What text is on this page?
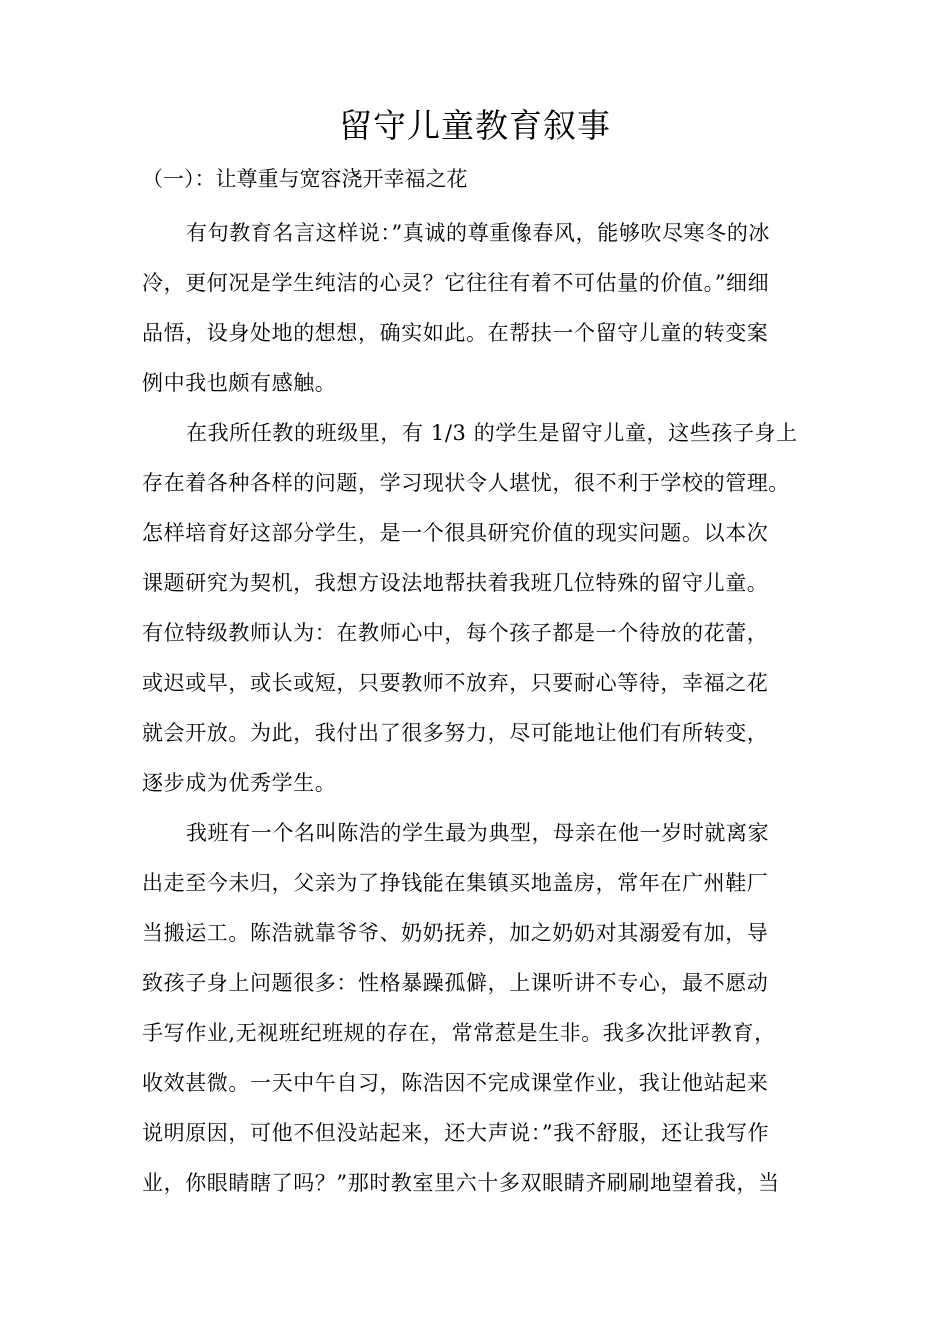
留守儿童教育叙事
（一）：让尊重与宽容浇开幸福之花
有句教育名言这样说：”真诚的尊重像春风，能够吹尽寒冬的冰
冷，更何况是学生纯洁的心灵？它往往有着不可估量的价值。”细细
品悟，设身处地的想想，确实如此。在帮扶一个留守儿童的转变案
例中我也颇有感触。
在我所任教的班级里，有 1/3 的学生是留守儿童，这些孩子身上
存在着各种各样的问题，学习现状令人堪忧，很不利于学校的管理。
怎样培育好这部分学生，是一个很具研究价值的现实问题。以本次
课题研究为契机，我想方设法地帮扶着我班几位特殊的留守儿童。
有位特级教师认为：在教师心中，每个孩子都是一个待放的花蕾，
或迟或早，或长或短，只要教师不放弃，只要耐心等待，幸福之花
就会开放。为此，我付出了很多努力，尽可能地让他们有所转变，
逐步成为优秀学生。
我班有一个名叫陈浩的学生最为典型，母亲在他一岁时就离家
出走至今未归，父亲为了挣钱能在集镇买地盖房，常年在广州鞋厂
当搬运工。陈浩就靠爷爷、奶奶抚养，加之奶奶对其溺爱有加，导
致孩子身上问题很多：性格暴躁孤僻，上课听讲不专心，最不愿动
手写作业,无视班纪班规的存在，常常惹是生非。我多次批评教育，
收效甚微。一天中午自习，陈浩因不完成课堂作业，我让他站起来
说明原因，可他不但没站起来，还大声说：”我不舒服，还让我写作
业，你眼睛瞎了吗？”那时教室里六十多双眼睛齐刷刷地望着我，当
